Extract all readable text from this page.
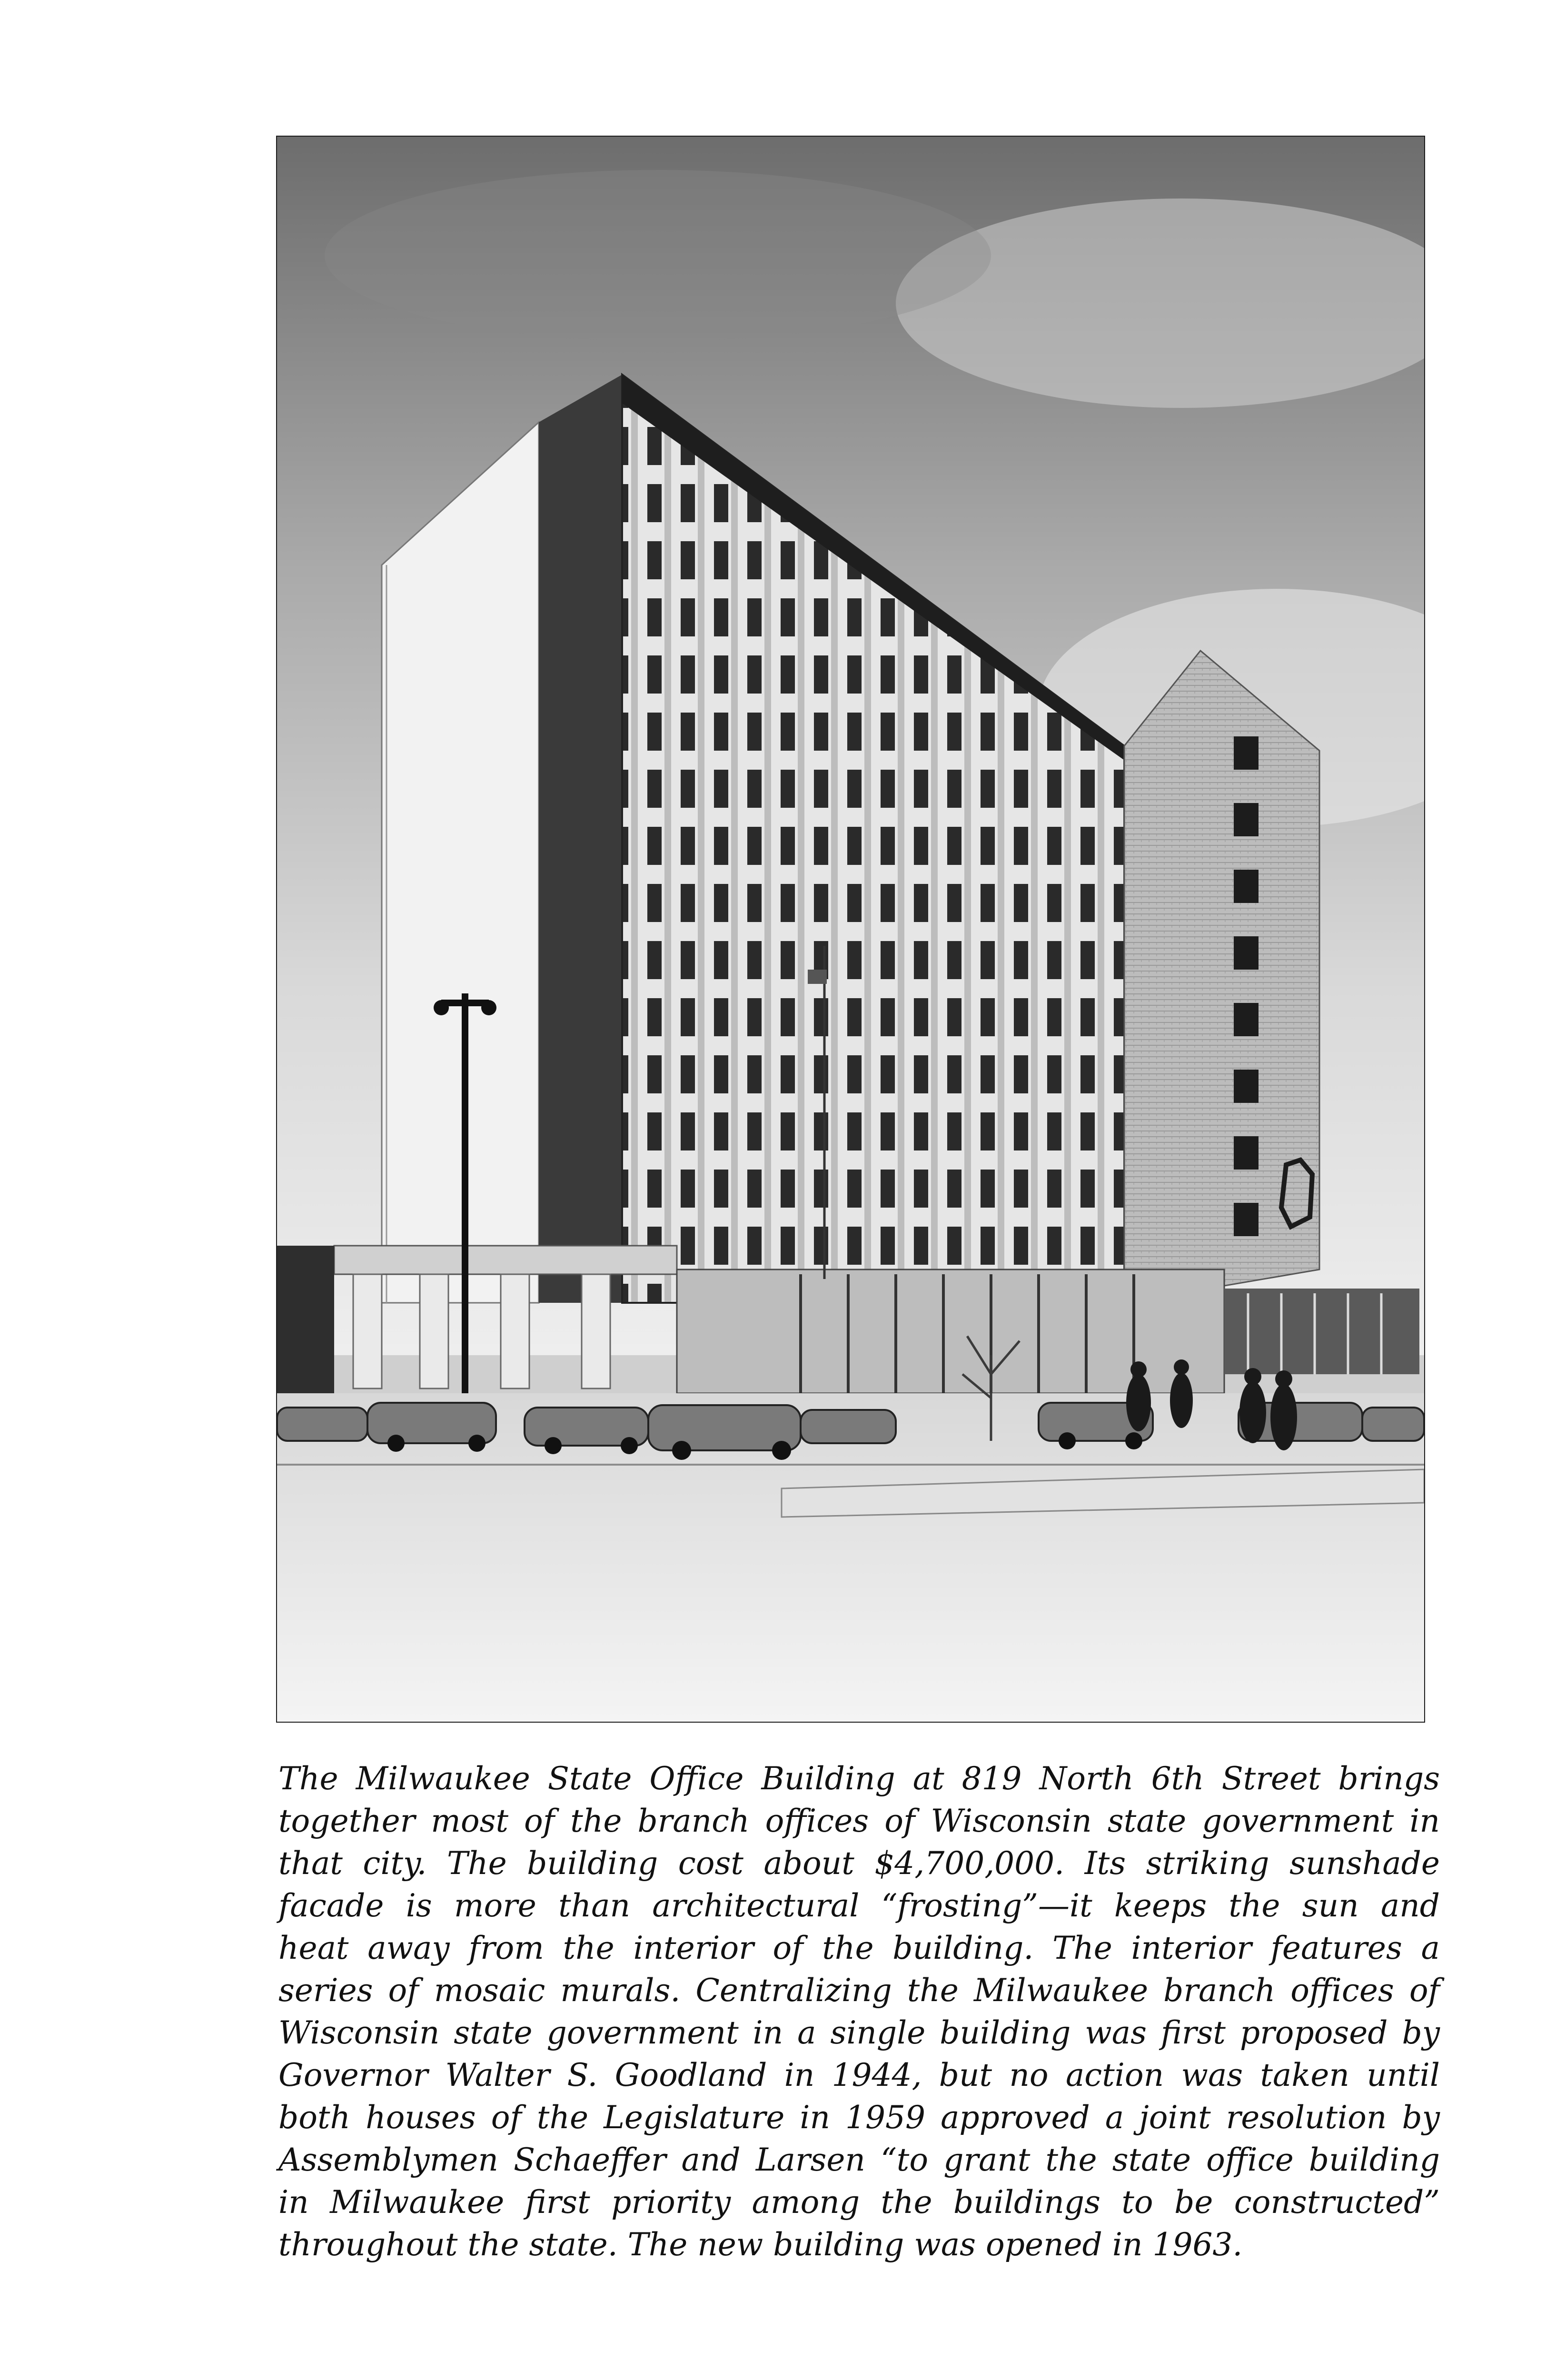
The Milwaukee State Office Building at 819 North 6th Street brings
together most of the branch offices of Wisconsin state government in
that city. The building cost about $4,700,000. Its striking sunshade
facade is more than architectural “frosting”—it keeps the sun and
heat away from the interior of the building. The interior features a
series of mosaic murals. Centralizing the Milwaukee branch offices of
Wisconsin state government in a single building was first proposed by
Governor Walter S. Goodland in 1944, but no action was taken until
both houses of the Legislature in 1959 approved a joint resolution by
Assemblymen Schaeffer and Larsen “to grant the state office building
in Milwaukee first priority among the buildings to be constructed”
throughout the state. The new building was opened in 1963.
